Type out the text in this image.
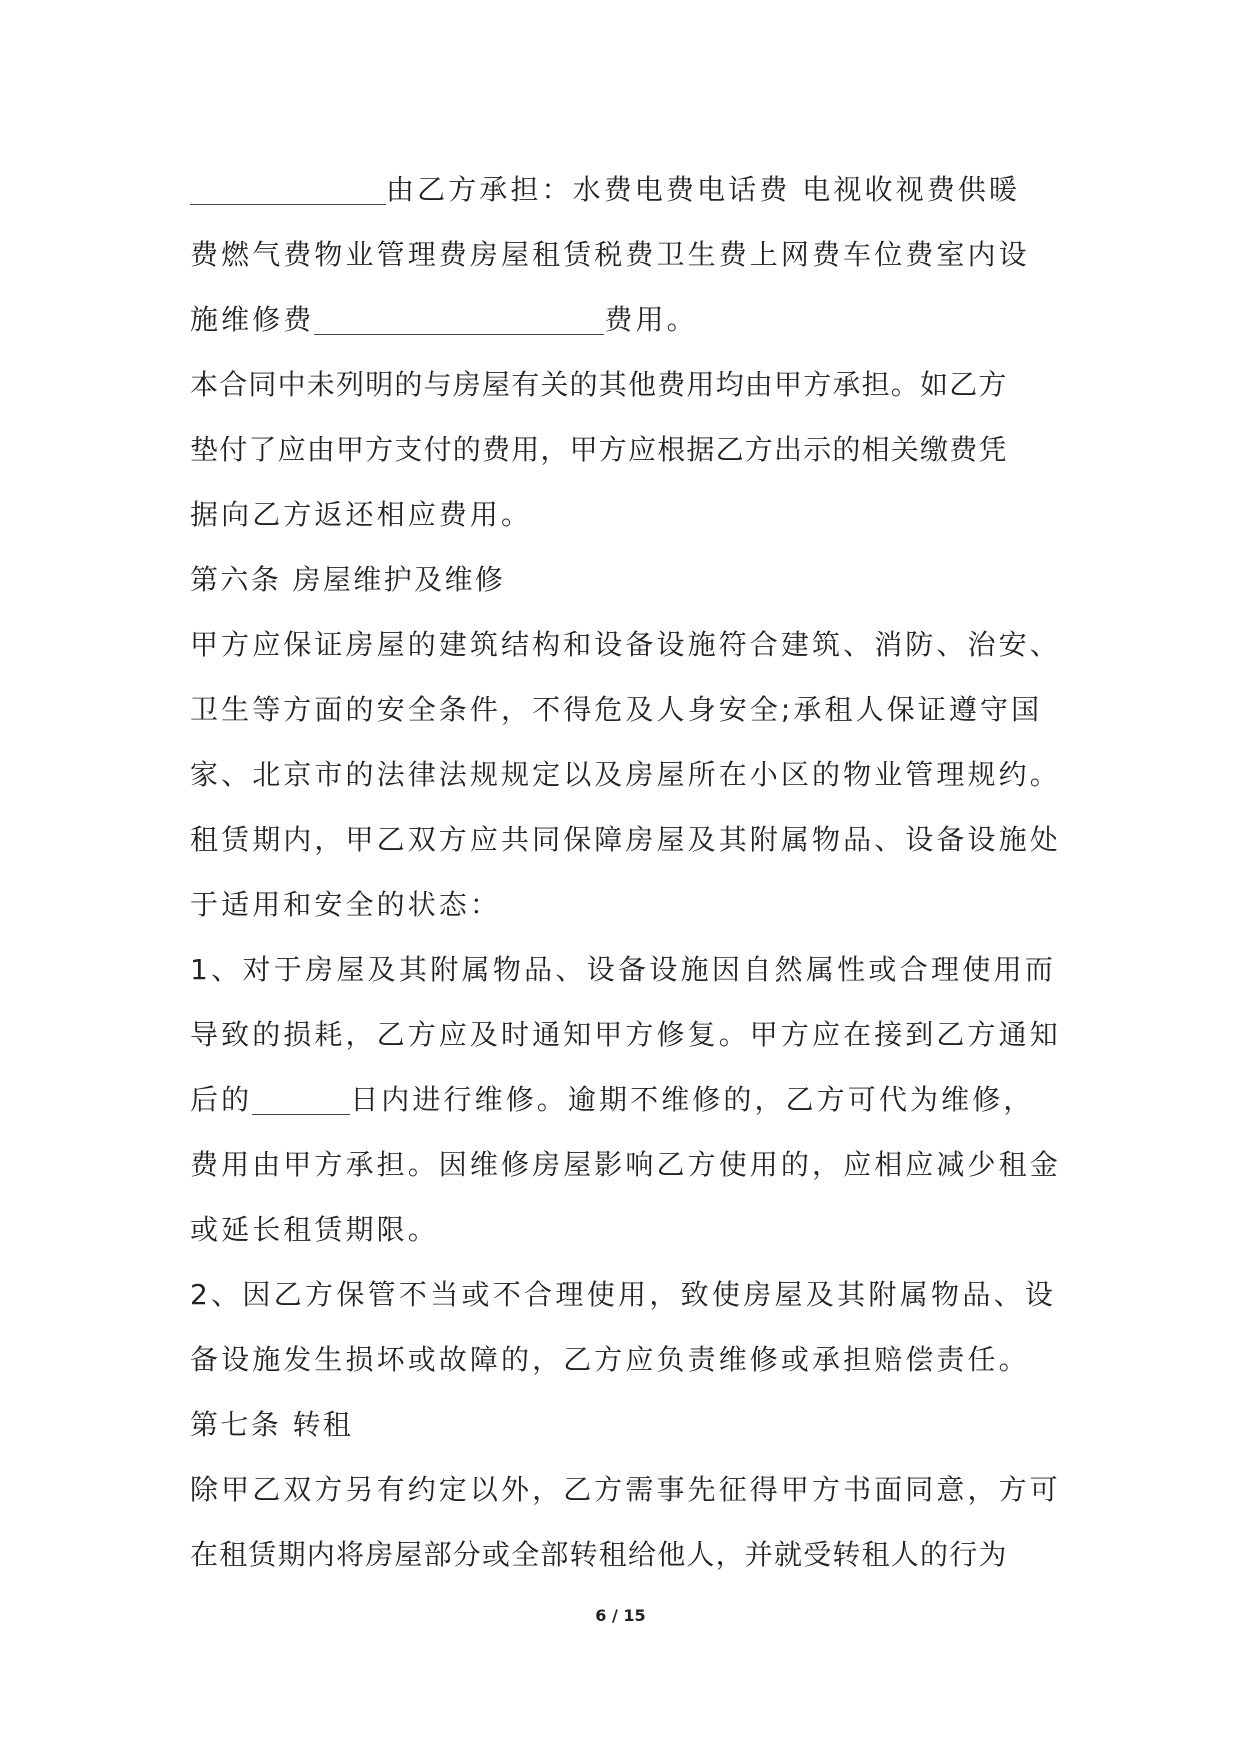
由乙方承担：水费电费电话费 电视收视费供暖
费燃气费物业管理费房屋租赁税费卫生费上网费车位费室内设
施维修费	费用。
本合同中未列明的与房屋有关的其他费用均由甲方承担。如乙方
垫付了应由甲方支付的费用，甲方应根据乙方出示的相关缴费凭
据向乙方返还相应费用。
第六条 房屋维护及维修
甲方应保证房屋的建筑结构和设备设施符合建筑、消防、治安、
卫生等方面的安全条件，不得危及人身安全;承租人保证遵守国
家、北京市的法律法规规定以及房屋所在小区的物业管理规约。
租赁期内，甲乙双方应共同保障房屋及其附属物品、设备设施处
于适用和安全的状态：
1、对于房屋及其附属物品、设备设施因自然属性或合理使用而
导致的损耗，乙方应及时通知甲方修复。甲方应在接到乙方通知
后的	日内进行维修。逾期不维修的，乙方可代为维修，
费用由甲方承担。因维修房屋影响乙方使用的，应相应减少租金
或延长租赁期限。
2、因乙方保管不当或不合理使用，致使房屋及其附属物品、设
备设施发生损坏或故障的，乙方应负责维修或承担赔偿责任。
第七条 转租
除甲乙双方另有约定以外，乙方需事先征得甲方书面同意，方可
在租赁期内将房屋部分或全部转租给他人，并就受转租人的行为
6 / 15
